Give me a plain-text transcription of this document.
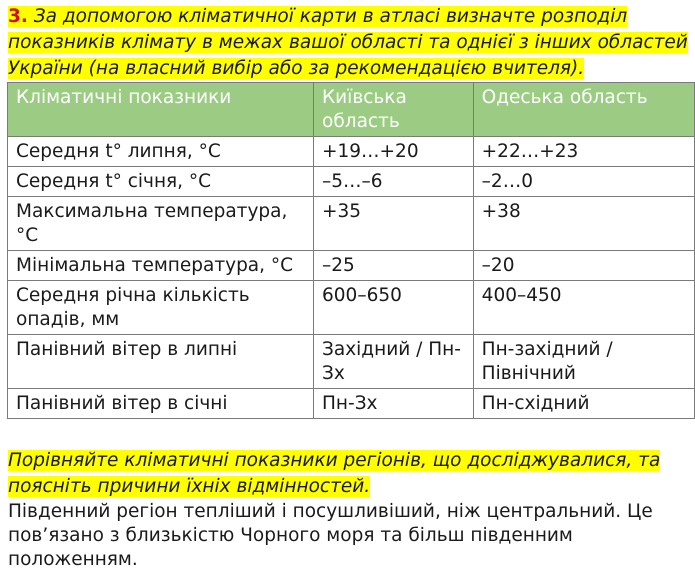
3. За допомогою кліматичної карти в атласі визначте розподіл показників клімату в межах вашої області та однієї з інших областей України (на власний вибір або за рекомендацією вчителя).
Кліматичні показники	Київська область	Одеська область
Середня t° липня, °С	+19…+20	+22…+23
Середня t° січня, °С	–5…–6	–2…0
Максимальна температура, °С	+35	+38
Мінімальна температура, °С	–25	–20
Середня річна кількість опадів, мм	600–650	400–450
Панівний вітер в липні	Західний / Пн-Зх	Пн-західний / Північний
Панівний вітер в січні	Пн-Зх	Пн-східний
Порівняйте кліматичні показники регіонів, що досліджувалися, та поясніть причини їхніх відмінностей.
Південний регіон тепліший і посушливіший, ніж центральний. Це пов’язано з близькістю Чорного моря та більш південним положенням.
